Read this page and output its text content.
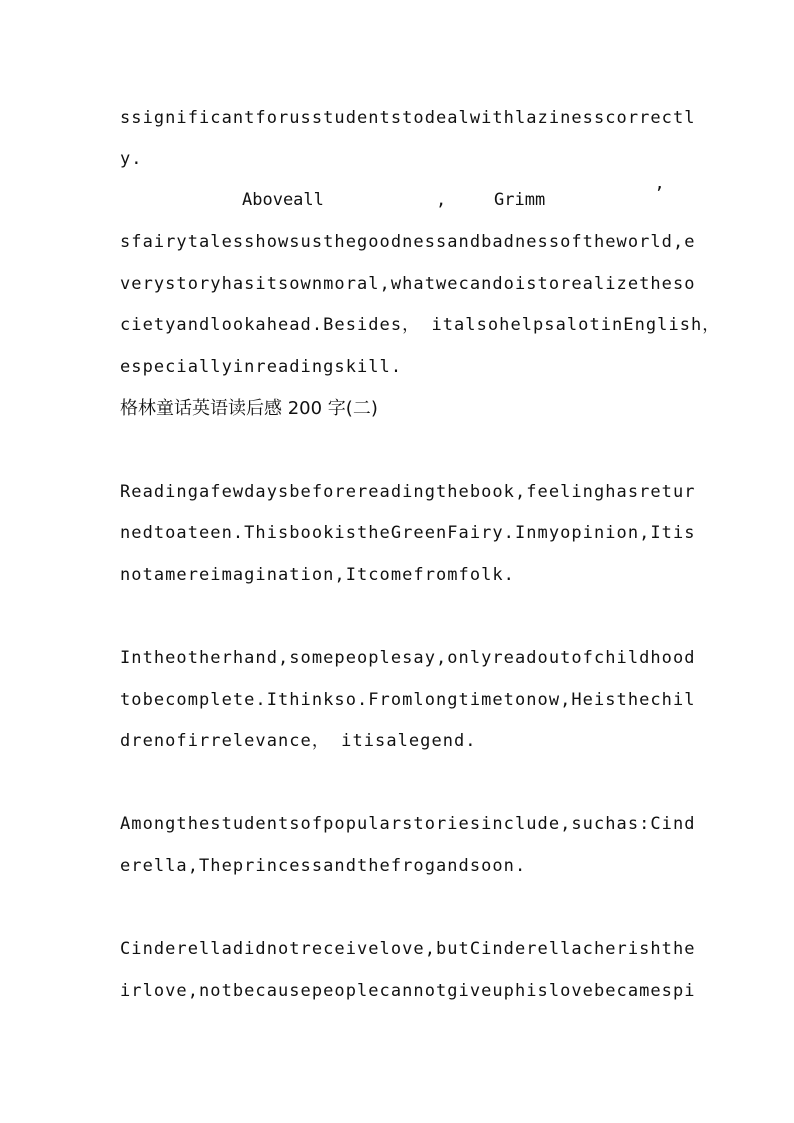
ssignificantforusstudentstodealwithlazinesscorrectl
y.
Aboveall	,	Grimm	’
sfairytalesshowsusthegoodnessandbadnessoftheworld,e
verystoryhasitsownmoral,whatwecandoistorealizetheso
cietyandlookahead.Besides， italsohelpsalotinEnglish，
especiallyinreadingskill.
格林童话英语读后感 200 字(二)
Readingafewdaysbeforereadingthebook,feelinghasretur
nedtoateen.ThisbookistheGreenFairy.Inmyopinion,Itis
notamereimagination,Itcomefromfolk.
Intheotherhand,somepeoplesay,onlyreadoutofchildhood
tobecomplete.Ithinkso.Fromlongtimetonow,Heisthechil
drenofirrelevance， itisalegend.
Amongthestudentsofpopularstoriesinclude,suchas:Cind
erella,Theprincessandthefrogandsoon.
Cinderelladidnotreceivelove,butCinderellacherishthe
irlove,notbecausepeoplecannotgiveuphislovebecamespi
